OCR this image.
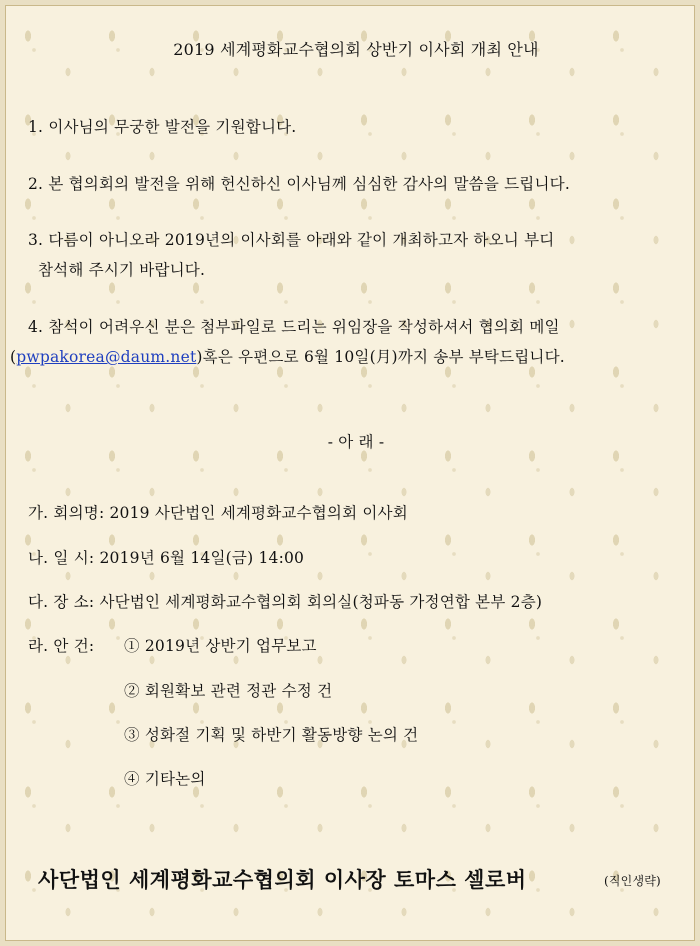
2019 세계평화교수협의회 상반기 이사회 개최 안내
1. 이사님의 무궁한 발전을 기원합니다.
2. 본 협의회의 발전을 위해 헌신하신 이사님께 심심한 감사의 말씀을 드립니다.
3. 다름이 아니오라 2019년의 이사회를 아래와 같이 개최하고자 하오니 부디
참석해 주시기 바랍니다.
4. 참석이 어려우신 분은 첨부파일로 드리는 위임장을 작성하셔서 협의회 메일
(pwpakorea@daum.net)혹은 우편으로 6월 10일(月)까지 송부 부탁드립니다.
- 아 래 -
가. 회의명: 2019 사단법인 세계평화교수협의회 이사회
나. 일 시: 2019년 6월 14일(금) 14:00
다. 장 소: 사단법인 세계평화교수협의회 회의실(청파동 가정연합 본부 2층)
라. 안 건: ① 2019년 상반기 업무보고
② 회원확보 관련 정관 수정 건
③ 성화절 기획 및 하반기 활동방향 논의 건
④ 기타논의
사단법인 세계평화교수협의회 이사장 토마스 셀로버	(직인생략)
